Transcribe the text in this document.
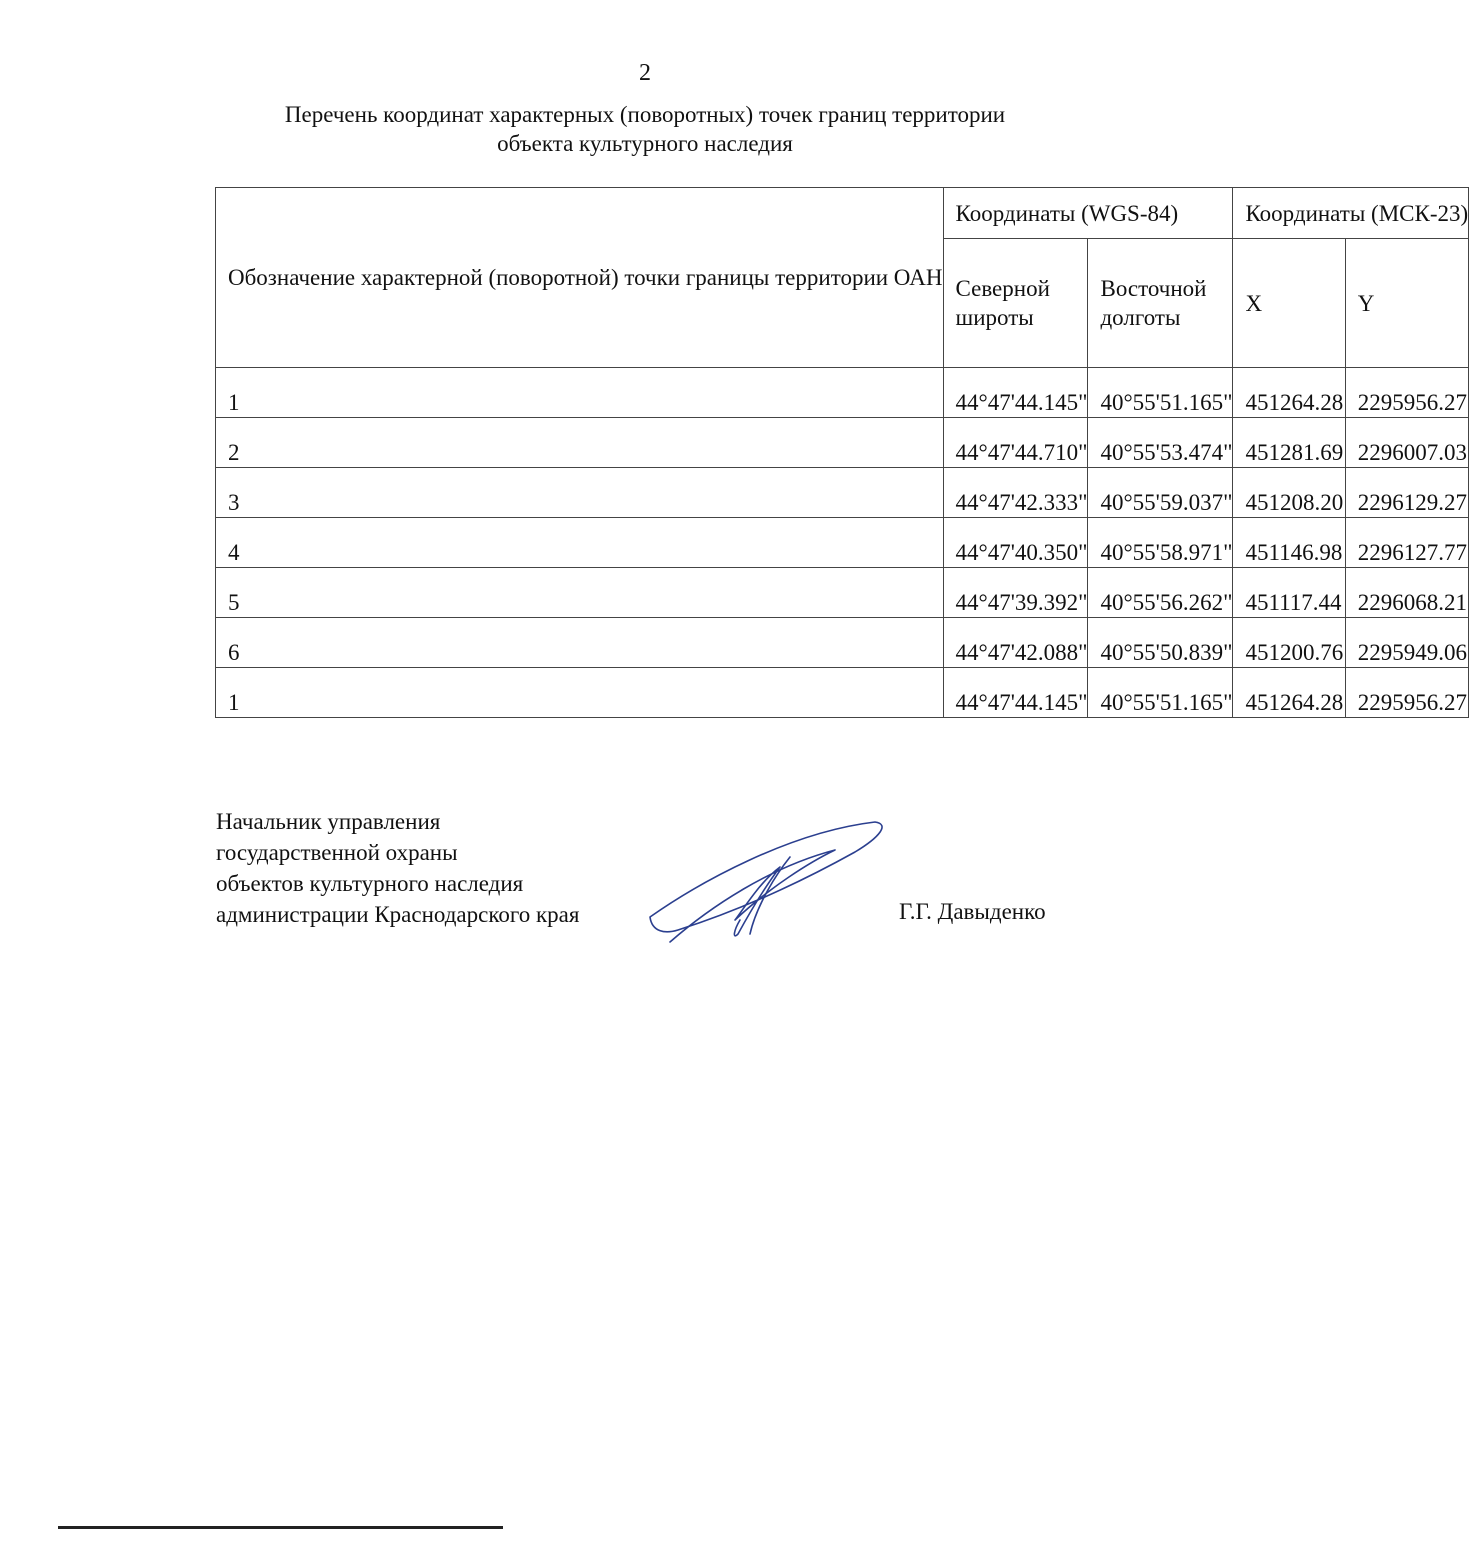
2
Перечень координат характерных (поворотных) точек границ территории
объекта культурного наследия
Обозначение характерной (поворотной) точки границы территории ОАН	Координаты (WGS-84)		Координаты (МСК-23)	
	Северной широты	Восточной долготы	X	Y
1	44°47'44.145"	40°55'51.165"	451264.28	2295956.27
2	44°47'44.710"	40°55'53.474"	451281.69	2296007.03
3	44°47'42.333"	40°55'59.037"	451208.20	2296129.27
4	44°47'40.350"	40°55'58.971"	451146.98	2296127.77
5	44°47'39.392"	40°55'56.262"	451117.44	2296068.21
6	44°47'42.088"	40°55'50.839"	451200.76	2295949.06
1	44°47'44.145"	40°55'51.165"	451264.28	2295956.27
Начальник управления
государственной охраны
объектов культурного наследия
администрации Краснодарского края	Г.Г. Давыденко
